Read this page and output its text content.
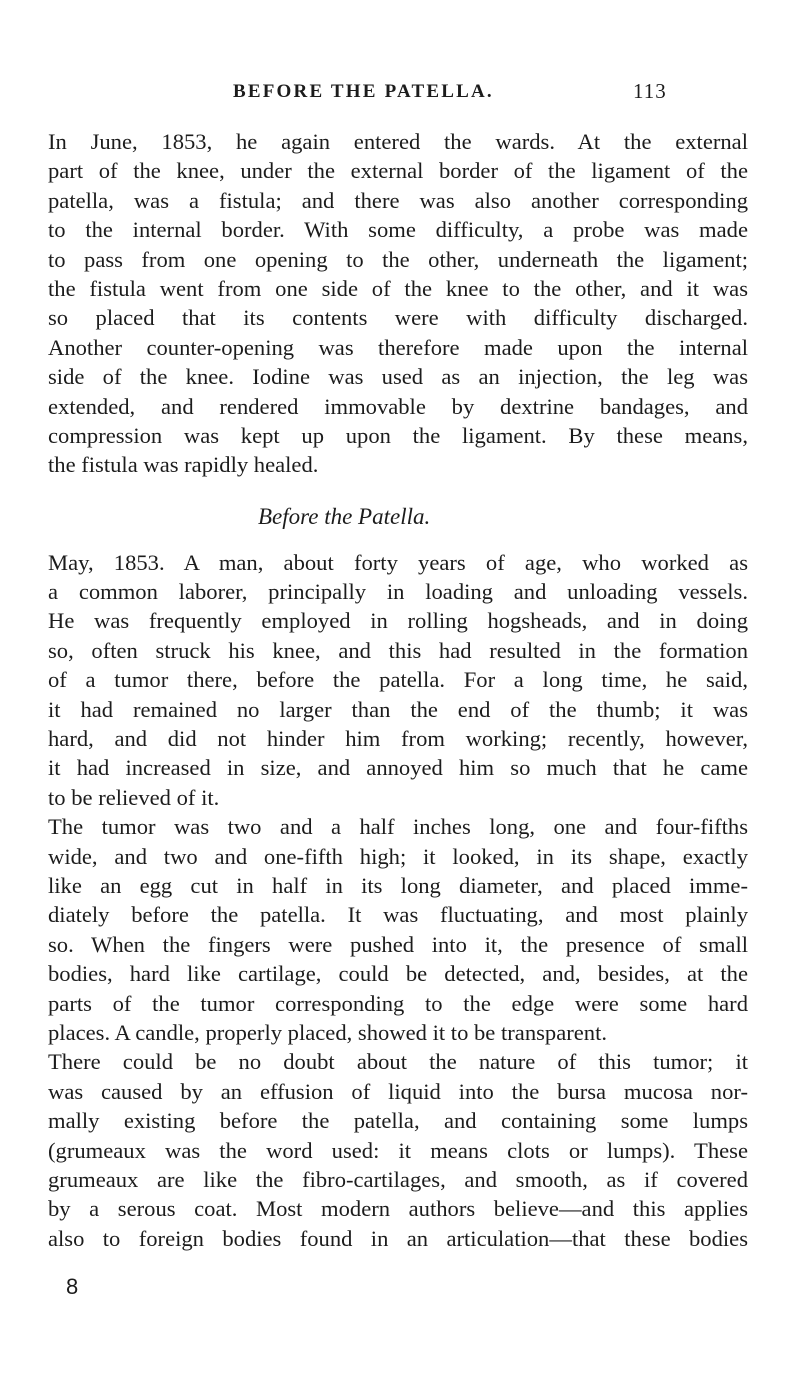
BEFORE THE PATELLA.	113
In June, 1853, he again entered the wards. At the external
part of the knee, under the external border of the ligament of the
patella, was a fistula; and there was also another corresponding
to the internal border. With some difficulty, a probe was made
to pass from one opening to the other, underneath the ligament;
the fistula went from one side of the knee to the other, and it was
so placed that its contents were with difficulty discharged.
Another counter-opening was therefore made upon the internal
side of the knee. Iodine was used as an injection, the leg was
extended, and rendered immovable by dextrine bandages, and
compression was kept up upon the ligament. By these means,
the fistula was rapidly healed.
Before the Patella.
May, 1853. A man, about forty years of age, who worked as
a common laborer, principally in loading and unloading vessels.
He was frequently employed in rolling hogsheads, and in doing
so, often struck his knee, and this had resulted in the formation
of a tumor there, before the patella. For a long time, he said,
it had remained no larger than the end of the thumb; it was
hard, and did not hinder him from working; recently, however,
it had increased in size, and annoyed him so much that he came
to be relieved of it.
The tumor was two and a half inches long, one and four-fifths
wide, and two and one-fifth high; it looked, in its shape, exactly
like an egg cut in half in its long diameter, and placed imme-
diately before the patella. It was fluctuating, and most plainly
so. When the fingers were pushed into it, the presence of small
bodies, hard like cartilage, could be detected, and, besides, at the
parts of the tumor corresponding to the edge were some hard
places. A candle, properly placed, showed it to be transparent.
There could be no doubt about the nature of this tumor; it
was caused by an effusion of liquid into the bursa mucosa nor-
mally existing before the patella, and containing some lumps
(grumeaux was the word used: it means clots or lumps). These
grumeaux are like the fibro-cartilages, and smooth, as if covered
by a serous coat. Most modern authors believe—and this applies
also to foreign bodies found in an articulation—that these bodies
8
